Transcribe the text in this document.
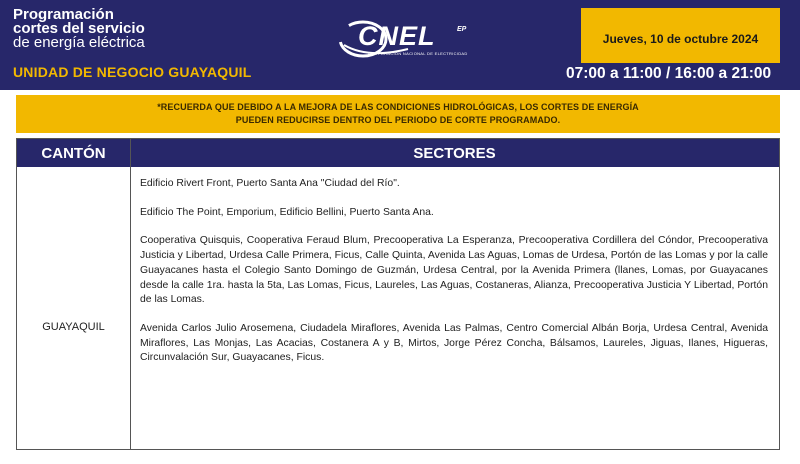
Programación
cortes del servicio
de energía eléctrica
UNIDAD DE NEGOCIO GUAYAQUIL
CNEL	EP
CORPORACIÓN NACIONAL DE ELECTRICIDAD
Jueves, 10 de octubre 2024
07:00 a 11:00 / 16:00 a 21:00
*RECUERDA QUE DEBIDO A LA MEJORA DE LAS CONDICIONES HIDROLÓGICAS, LOS CORTES DE ENERGÍA
PUEDEN REDUCIRSE DENTRO DEL PERIODO DE CORTE PROGRAMADO.
CANTÓN	SECTORES
GUAYAQUIL

Edificio Rivert Front, Puerto Santa Ana "Ciudad del Río".

Edificio The Point, Emporium, Edificio Bellini, Puerto Santa Ana.

Cooperativa Quisquis, Cooperativa Feraud Blum, Precooperativa La Esperanza, Precooperativa Cordillera del Cóndor, Precooperativa Justicia y Libertad, Urdesa Calle Primera, Ficus, Calle Quinta, Avenida Las Aguas, Lomas de Urdesa, Portón de las Lomas y por la calle Guayacanes hasta el Colegio Santo Domingo de Guzmán, Urdesa Central, por la Avenida Primera (llanes, Lomas, por Guayacanes desde la calle 1ra. hasta la 5ta, Las Lomas, Ficus, Laureles, Las Aguas, Costaneras, Alianza, Precooperativa Justicia Y Libertad, Portón de las Lomas.

Avenida Carlos Julio Arosemena, Ciudadela Miraflores, Avenida Las Palmas, Centro Comercial Albán Borja, Urdesa Central, Avenida Miraflores, Las Monjas, Las Acacias, Costanera A y B, Mirtos, Jorge Pérez Concha, Bálsamos, Laureles, Jiguas, Ilanes, Higueras, Circunvalación Sur, Guayacanes, Ficus.
